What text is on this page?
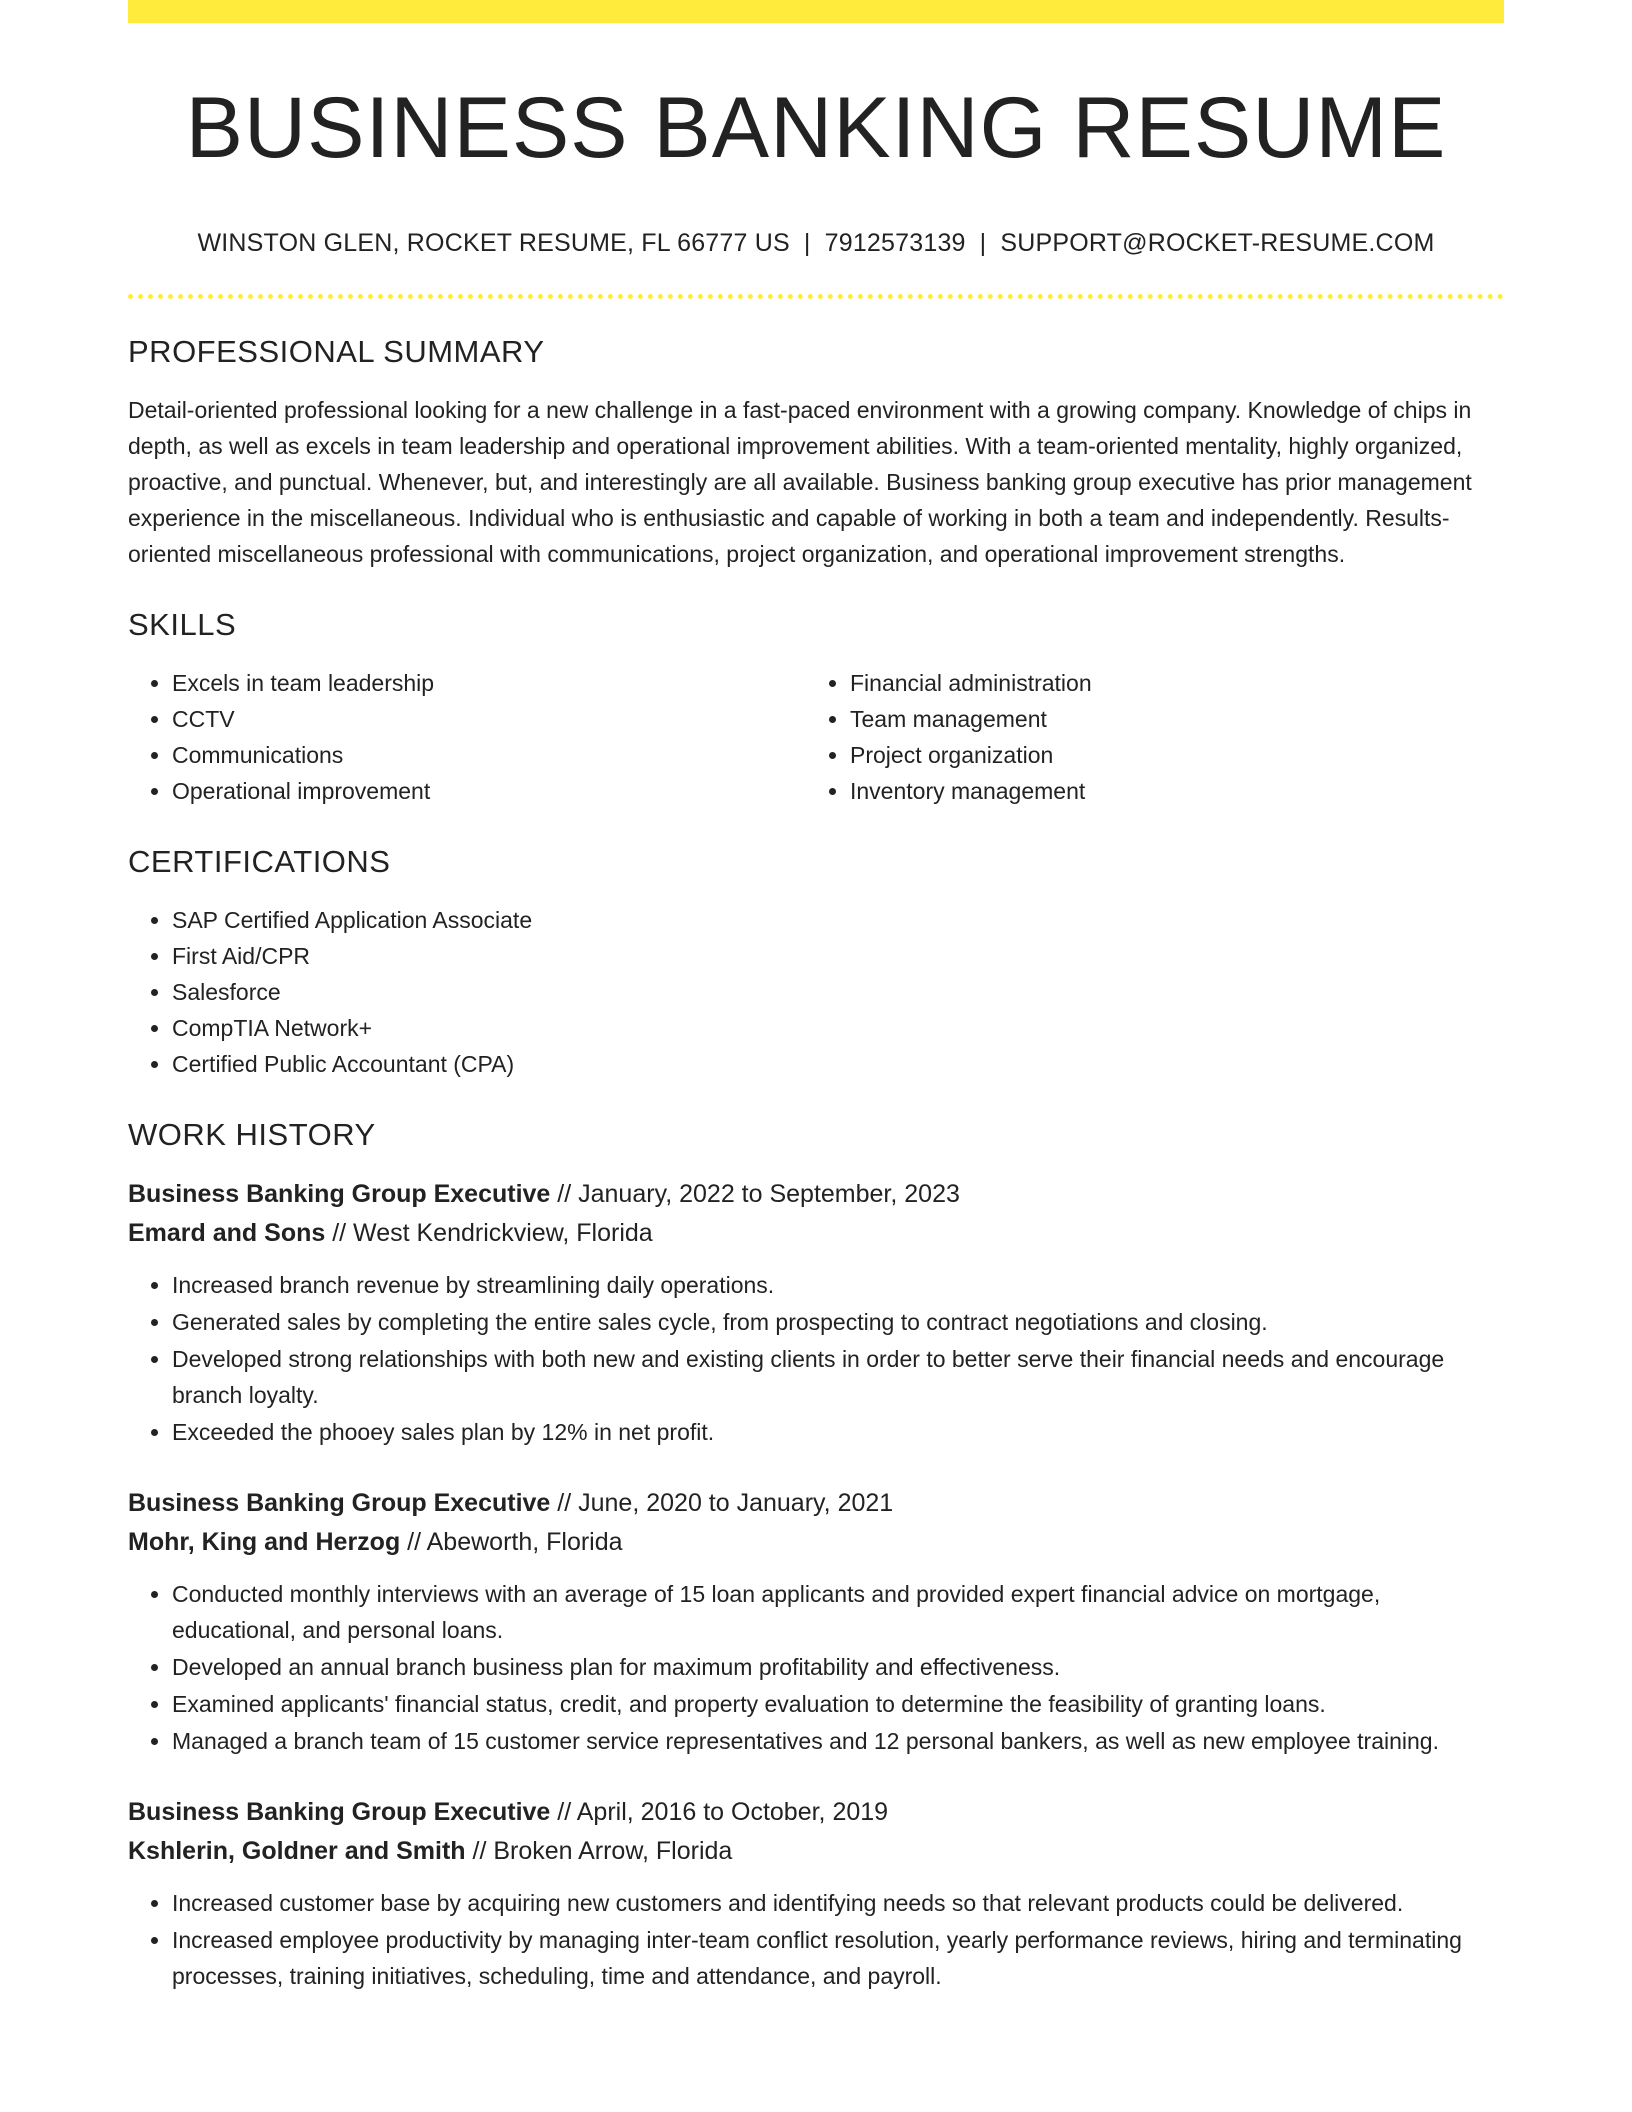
BUSINESS BANKING RESUME
WINSTON GLEN, ROCKET RESUME, FL 66777 US | 7912573139 | SUPPORT@ROCKET-RESUME.COM
PROFESSIONAL SUMMARY

Detail-oriented professional looking for a new challenge in a fast-paced environment with a growing company. Knowledge of chips in depth, as well as excels in team leadership and operational improvement abilities. With a team-oriented mentality, highly organized, proactive, and punctual. Whenever, but, and interestingly are all available. Business banking group executive has prior management experience in the miscellaneous. Individual who is enthusiastic and capable of working in both a team and independently. Results-oriented miscellaneous professional with communications, project organization, and operational improvement strengths.

SKILLS
• Excels in team leadership
• CCTV
• Communications
• Operational improvement
• Financial administration
• Team management
• Project organization
• Inventory management
CERTIFICATIONS
• SAP Certified Application Associate
• First Aid/CPR
• Salesforce
• CompTIA Network+
• Certified Public Accountant (CPA)
WORK HISTORY
Business Banking Group Executive // January, 2022 to September, 2023
Emard and Sons // West Kendrickview, Florida
• Increased branch revenue by streamlining daily operations.
• Generated sales by completing the entire sales cycle, from prospecting to contract negotiations and closing.
• Developed strong relationships with both new and existing clients in order to better serve their financial needs and encourage branch loyalty.
• Exceeded the phooey sales plan by 12% in net profit.
Business Banking Group Executive // June, 2020 to January, 2021
Mohr, King and Herzog // Abeworth, Florida
• Conducted monthly interviews with an average of 15 loan applicants and provided expert financial advice on mortgage, educational, and personal loans.
• Developed an annual branch business plan for maximum profitability and effectiveness.
• Examined applicants' financial status, credit, and property evaluation to determine the feasibility of granting loans.
• Managed a branch team of 15 customer service representatives and 12 personal bankers, as well as new employee training.
Business Banking Group Executive // April, 2016 to October, 2019
Kshlerin, Goldner and Smith // Broken Arrow, Florida
• Increased customer base by acquiring new customers and identifying needs so that relevant products could be delivered.
• Increased employee productivity by managing inter-team conflict resolution, yearly performance reviews, hiring and terminating processes, training initiatives, scheduling, time and attendance, and payroll.
